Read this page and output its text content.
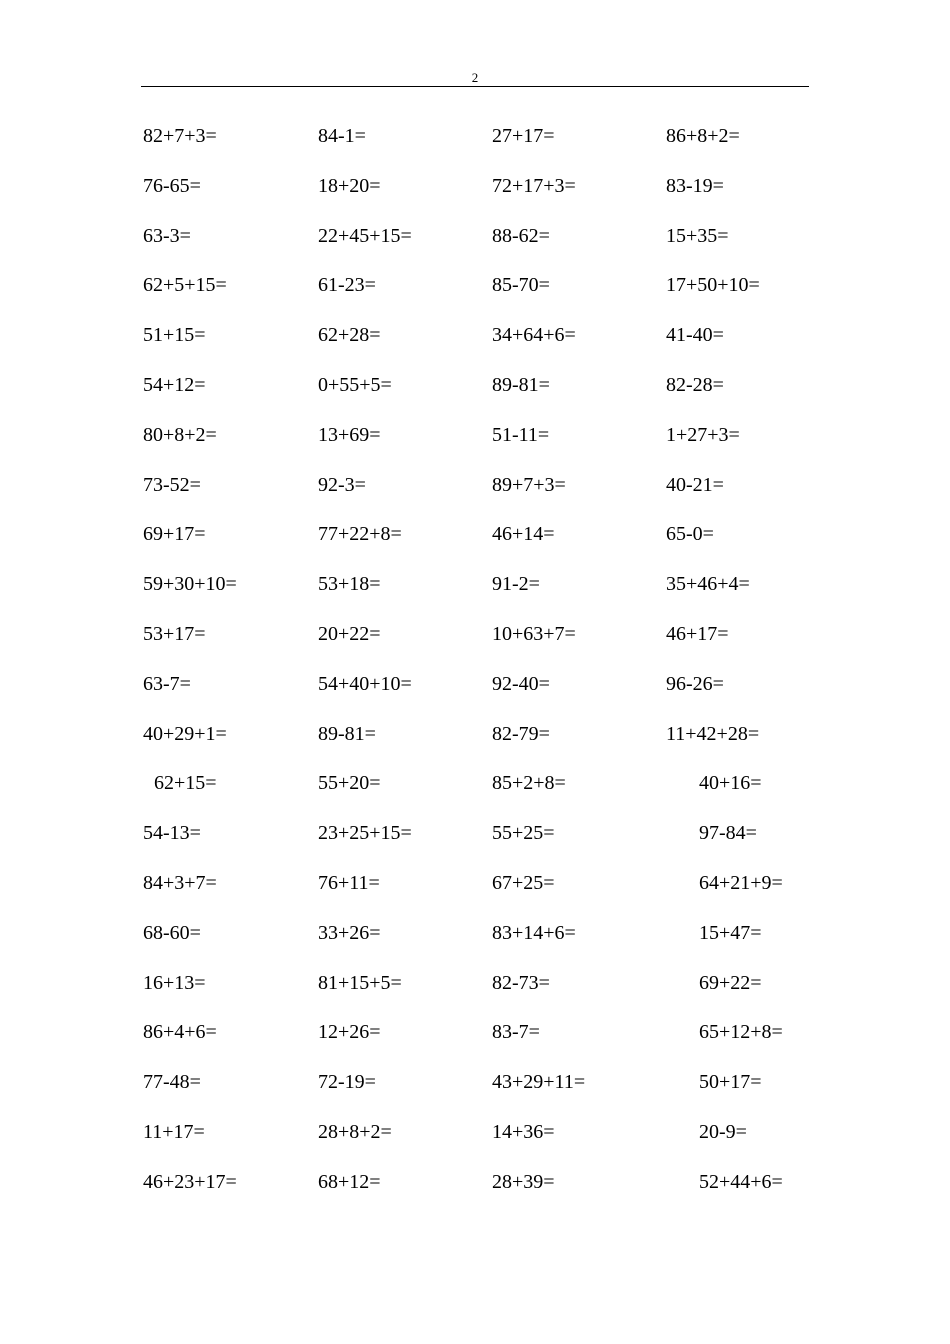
2
82+7+3=	84-1=	27+17=	86+8+2=
76-65=	18+20=	72+17+3=	83-19=
63-3=	22+45+15=	88-62=	15+35=
62+5+15=	61-23=	85-70=	17+50+10=
51+15=	62+28=	34+64+6=	41-40=
54+12=	0+55+5=	89-81=	82-28=
80+8+2=	13+69=	51-11=	1+27+3=
73-52=	92-3=	89+7+3=	40-21=
69+17=	77+22+8=	46+14=	65-0=
59+30+10=	53+18=	91-2=	35+46+4=
53+17=	20+22=	10+63+7=	46+17=
63-7=	54+40+10=	92-40=	96-26=
40+29+1=	89-81=	82-79=	11+42+28=
62+15=	55+20=	85+2+8=	40+16=
54-13=	23+25+15=	55+25=	97-84=
84+3+7=	76+11=	67+25=	64+21+9=
68-60=	33+26=	83+14+6=	15+47=
16+13=	81+15+5=	82-73=	69+22=
86+4+6=	12+26=	83-7=	65+12+8=
77-48=	72-19=	43+29+11=	50+17=
11+17=	28+8+2=	14+36=	20-9=
46+23+17=	68+12=	28+39=	52+44+6=
